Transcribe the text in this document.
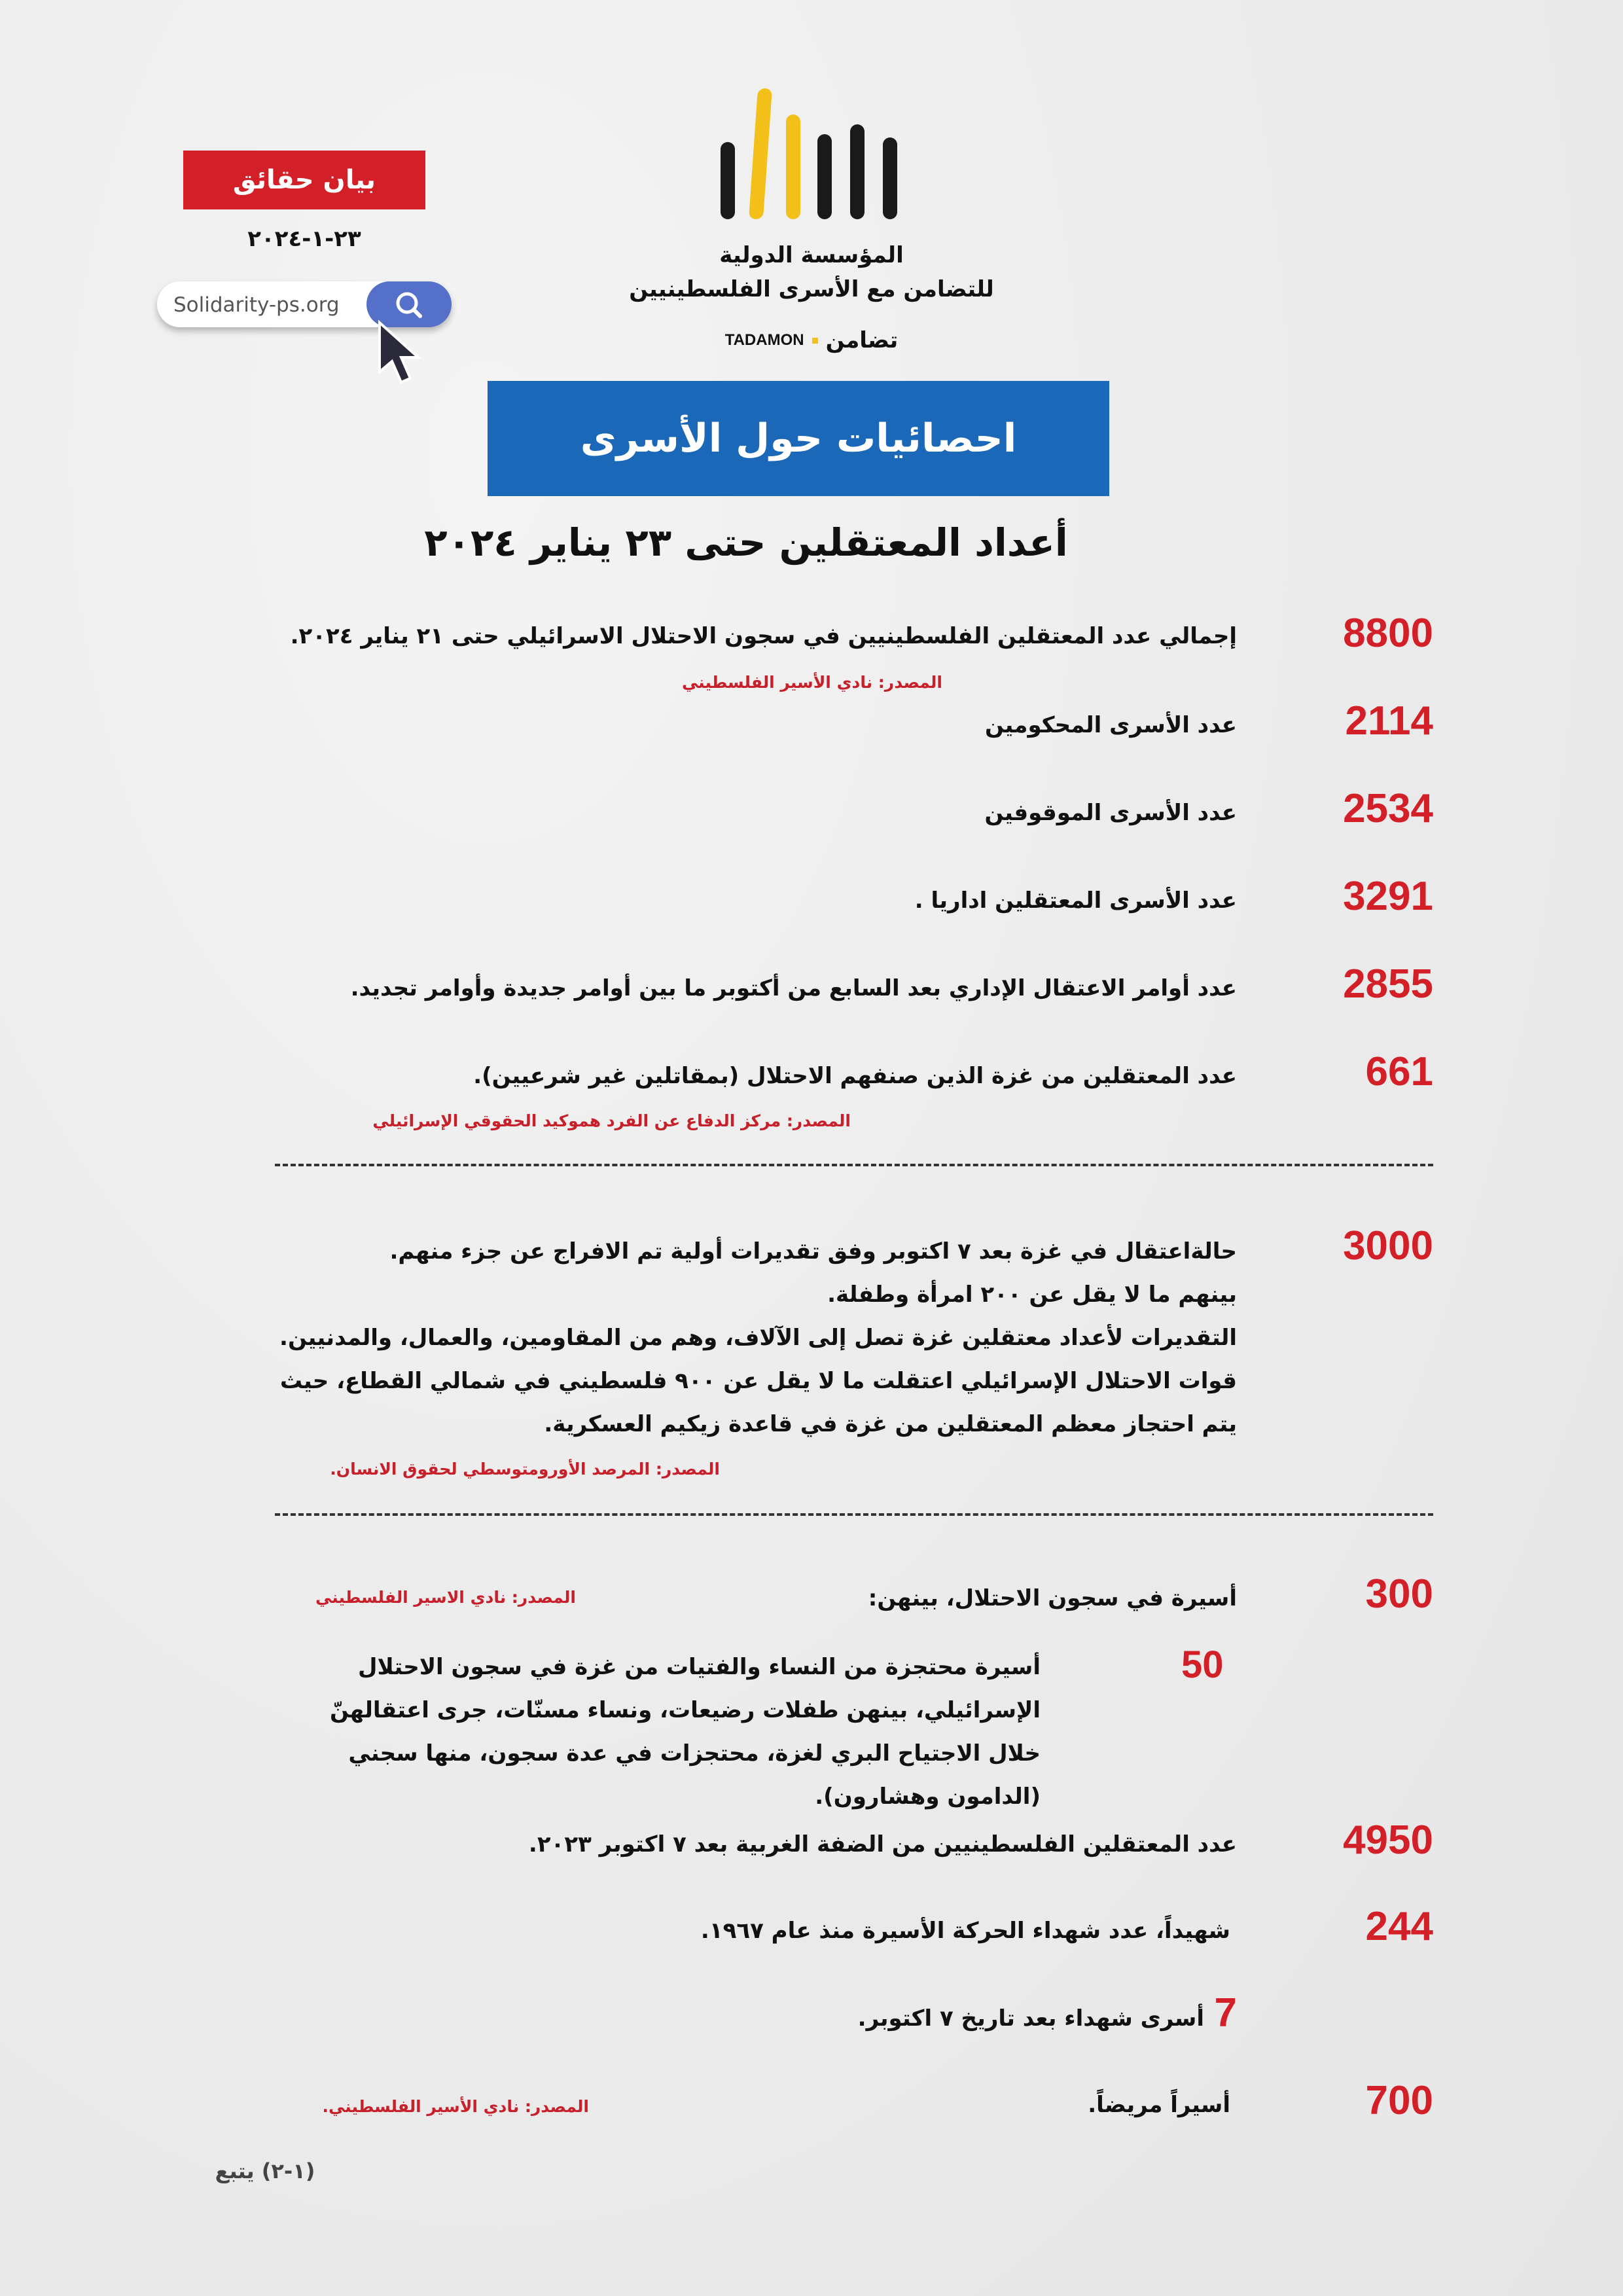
المؤسسة الدولية
للتضامن مع الأسرى الفلسطينيين
TADAMON تضامن
بيان حقائق
٢٣-١-٢٠٢٤
Solidarity-ps.org
احصائيات حول الأسرى
أعداد المعتقلين حتى ٢٣ يناير ٢٠٢٤
8800
إجمالي عدد المعتقلين الفلسطينيين في سجون الاحتلال الاسرائيلي حتى ٢١ يناير ٢٠٢٤.
المصدر: نادي الأسير الفلسطيني
2114
عدد الأسرى المحكومين
2534
عدد الأسرى الموقوفين
3291
عدد الأسرى المعتقلين اداريا .
2855
عدد أوامر الاعتقال الإداري بعد السابع من أكتوبر ما بين أوامر جديدة وأوامر تجديد.
661
عدد المعتقلين من غزة الذين صنفهم الاحتلال (بمقاتلين غير شرعيين).
المصدر: مركز الدفاع عن الفرد هموكيد الحقوقي الإسرائيلي
3000
حالةاعتقال في غزة بعد ٧ اكتوبر وفق تقديرات أولية تم الافراج عن جزء منهم.
بينهم ما لا يقل عن ٢٠٠ امرأة وطفلة.
التقديرات لأعداد معتقلين غزة تصل إلى الآلاف، وهم من المقاومين، والعمال، والمدنيين.
قوات الاحتلال الإسرائيلي اعتقلت ما لا يقل عن ٩٠٠ فلسطيني في شمالي القطاع، حيث
يتم احتجاز معظم المعتقلين من غزة في قاعدة زيكيم العسكرية.
المصدر: المرصد الأورومتوسطي لحقوق الانسان.
300
أسيرة في سجون الاحتلال، بينهن:
المصدر: نادي الاسير الفلسطيني
50
أسيرة محتجزة من النساء والفتيات من غزة في سجون الاحتلال
الإسرائيلي، بينهن طفلات رضيعات، ونساء مسنّات، جرى اعتقالهنّ
خلال الاجتياح البري لغزة، محتجزات في عدة سجون، منها سجني
(الدامون وهشارون).
4950
عدد المعتقلين الفلسطينيين من الضفة الغربية بعد ٧ اكتوبر ٢٠٢٣.
244
شهيداً، عدد شهداء الحركة الأسيرة منذ عام ١٩٦٧.
7
أسرى شهداء بعد تاريخ ٧ اكتوبر.
700
أسيراً مريضاً.
المصدر: نادي الأسير الفلسطيني.
(١-٢) يتبع
